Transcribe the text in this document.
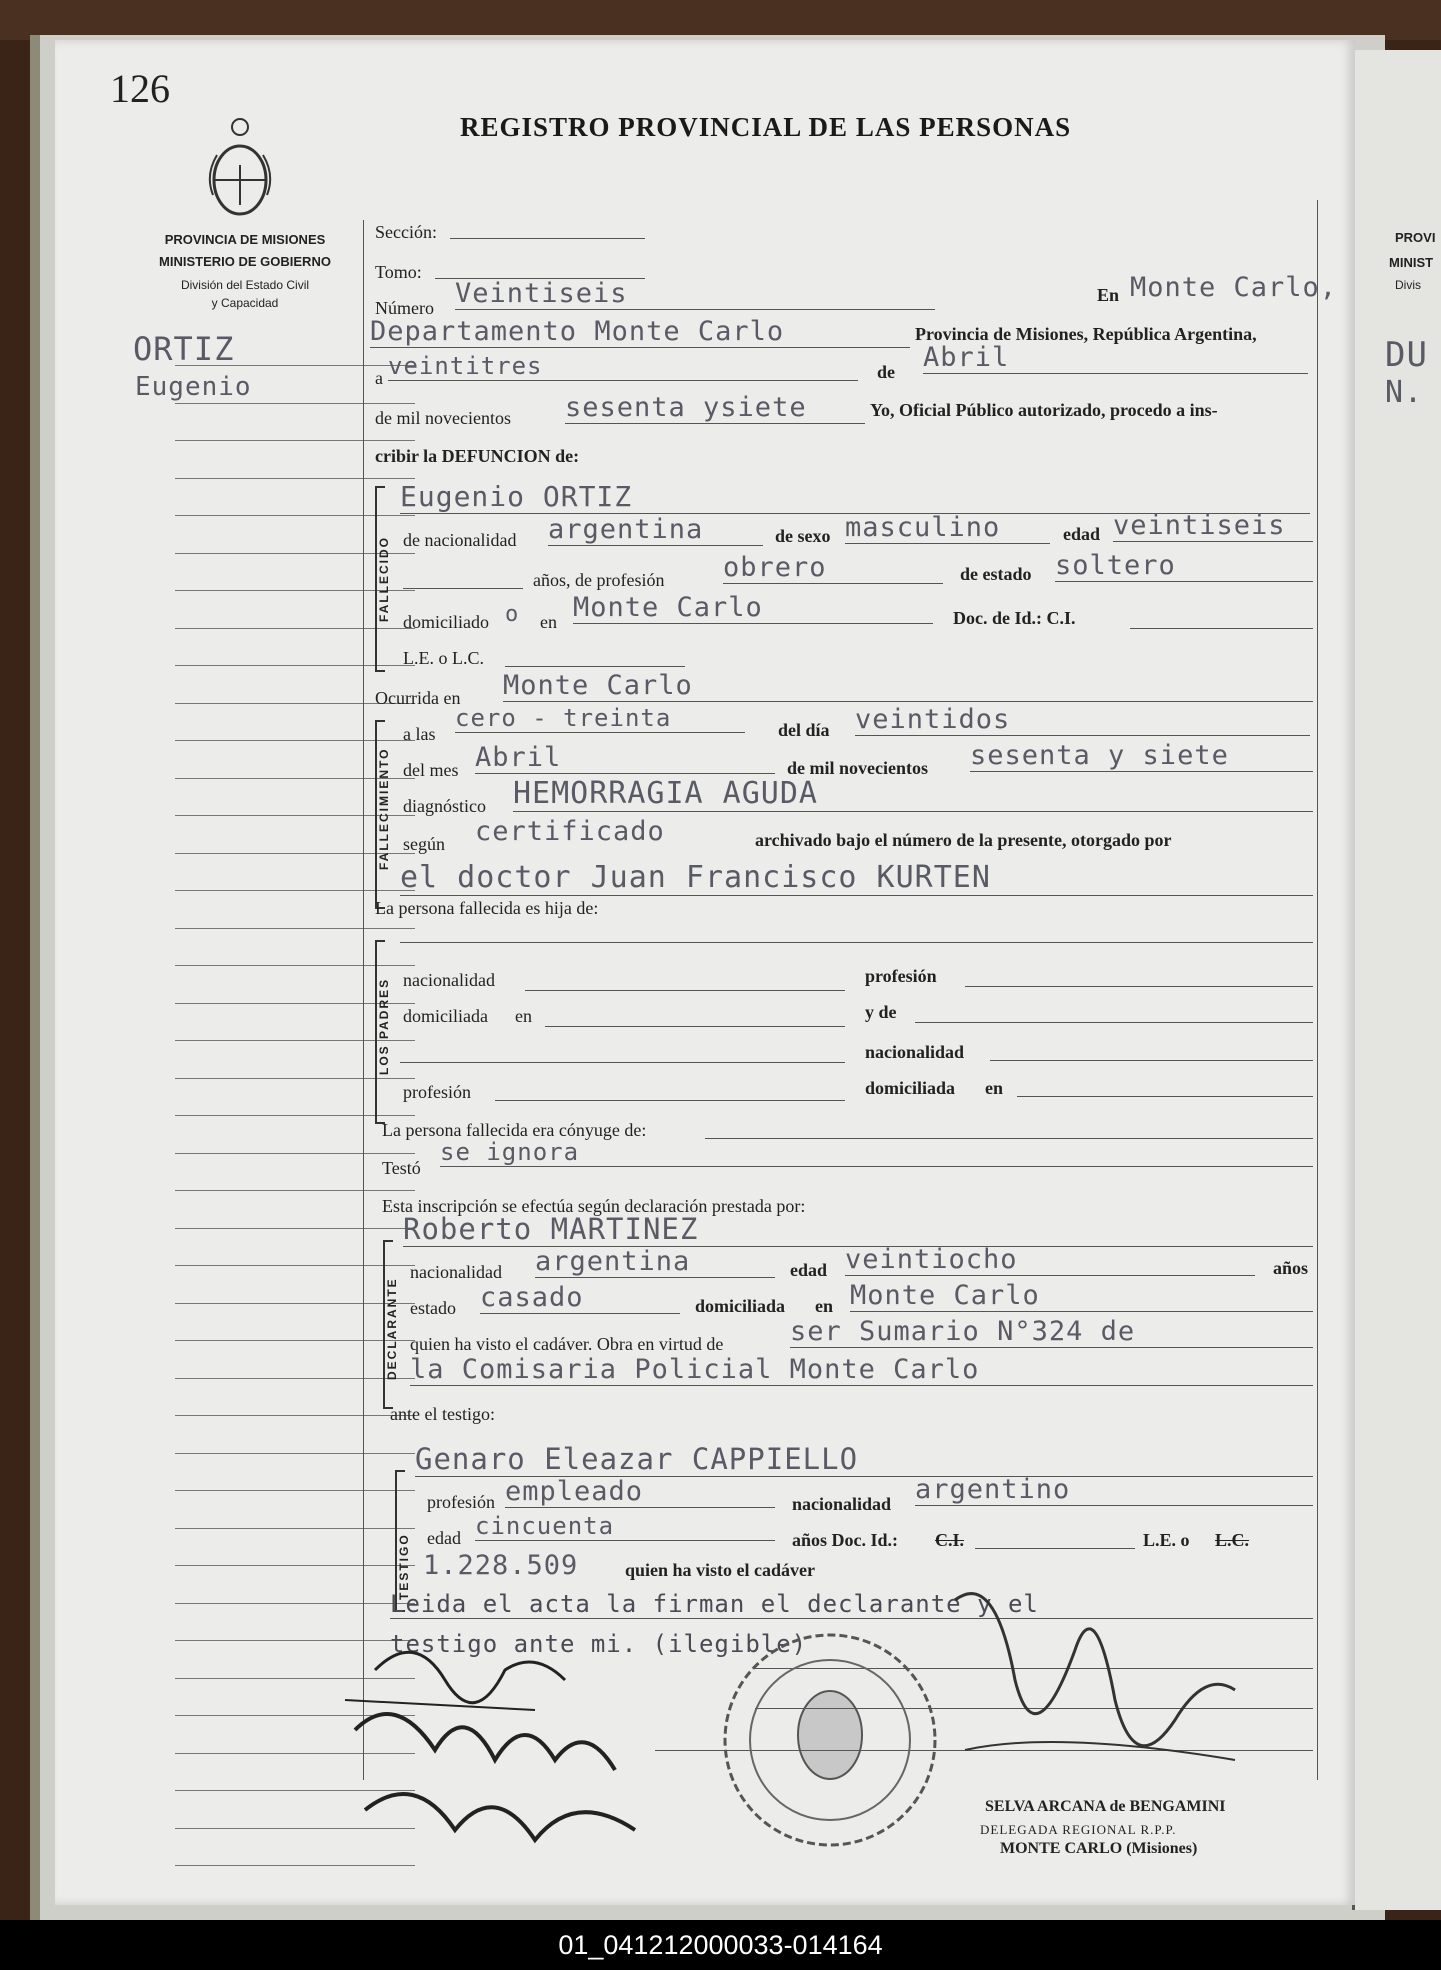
PROVI
MINIST
Divis
DU
N.
126
REGISTRO PROVINCIAL DE LAS PERSONAS
PROVINCIA DE MISIONES
MINISTERIO DE GOBIERNO
División del Estado Civil
y Capacidad
ORTIZ
Eugenio
Sección:
Tomo:
Número Veintiseis	En Monte Carlo,
Departamento Monte Carlo	Provincia de Misiones, República Argentina,
a veintitres	de Abril
de mil novecientos sesenta ysiete	Yo, Oficial Público autorizado, procedo a ins-
cribir la DEFUNCION de:
FALLECIDO
Eugenio ORTIZ
de nacionalidad argentina	de sexo masculino	edad veintiseis
años, de profesión obrero	de estado soltero
domiciliado o en Monte Carlo	Doc. de Id.: C.I.
L.E. o L.C.
Ocurrida en Monte Carlo
FALLECIMIENTO
a las
cero - treinta	del día veintidos
del mes Abril	de mil novecientos sesenta y siete
diagnóstico HEMORRAGIA AGUDA
según certificado	archivado bajo el número de la presente, otorgado por
el doctor Juan Francisco KURTEN
La persona fallecida es hija de:
LOS PADRES nacionalidad	profesión
domiciliada en	y de
nacionalidad
profesión	domiciliada en
La persona fallecida era cónyuge de:
Testó
se ignora
Esta inscripción se efectúa según declaración prestada por:
DECLARANTE
Roberto MARTINEZ
nacionalidad argentina	edad veintiocho	años
estado casado	domiciliada en Monte Carlo
quien ha visto el cadáver. Obra en virtud de ser Sumario N°324 de
la Comisaria Policial Monte Carlo
ante el testigo:
TESTIGO
Genaro Eleazar CAPPIELLO
profesión empleado	nacionalidad argentino
edad cincuenta	años Doc. Id.: C.I.	L.E. o L.C.
1.228.509	quien ha visto el cadáver
Leida el acta la firman el declarante y el
testigo ante mi. (ilegible)
SELVA ARCANA de BENGAMINI
DELEGADA REGIONAL R.P.P.
MONTE CARLO (Misiones)
01_041212000033-014164
